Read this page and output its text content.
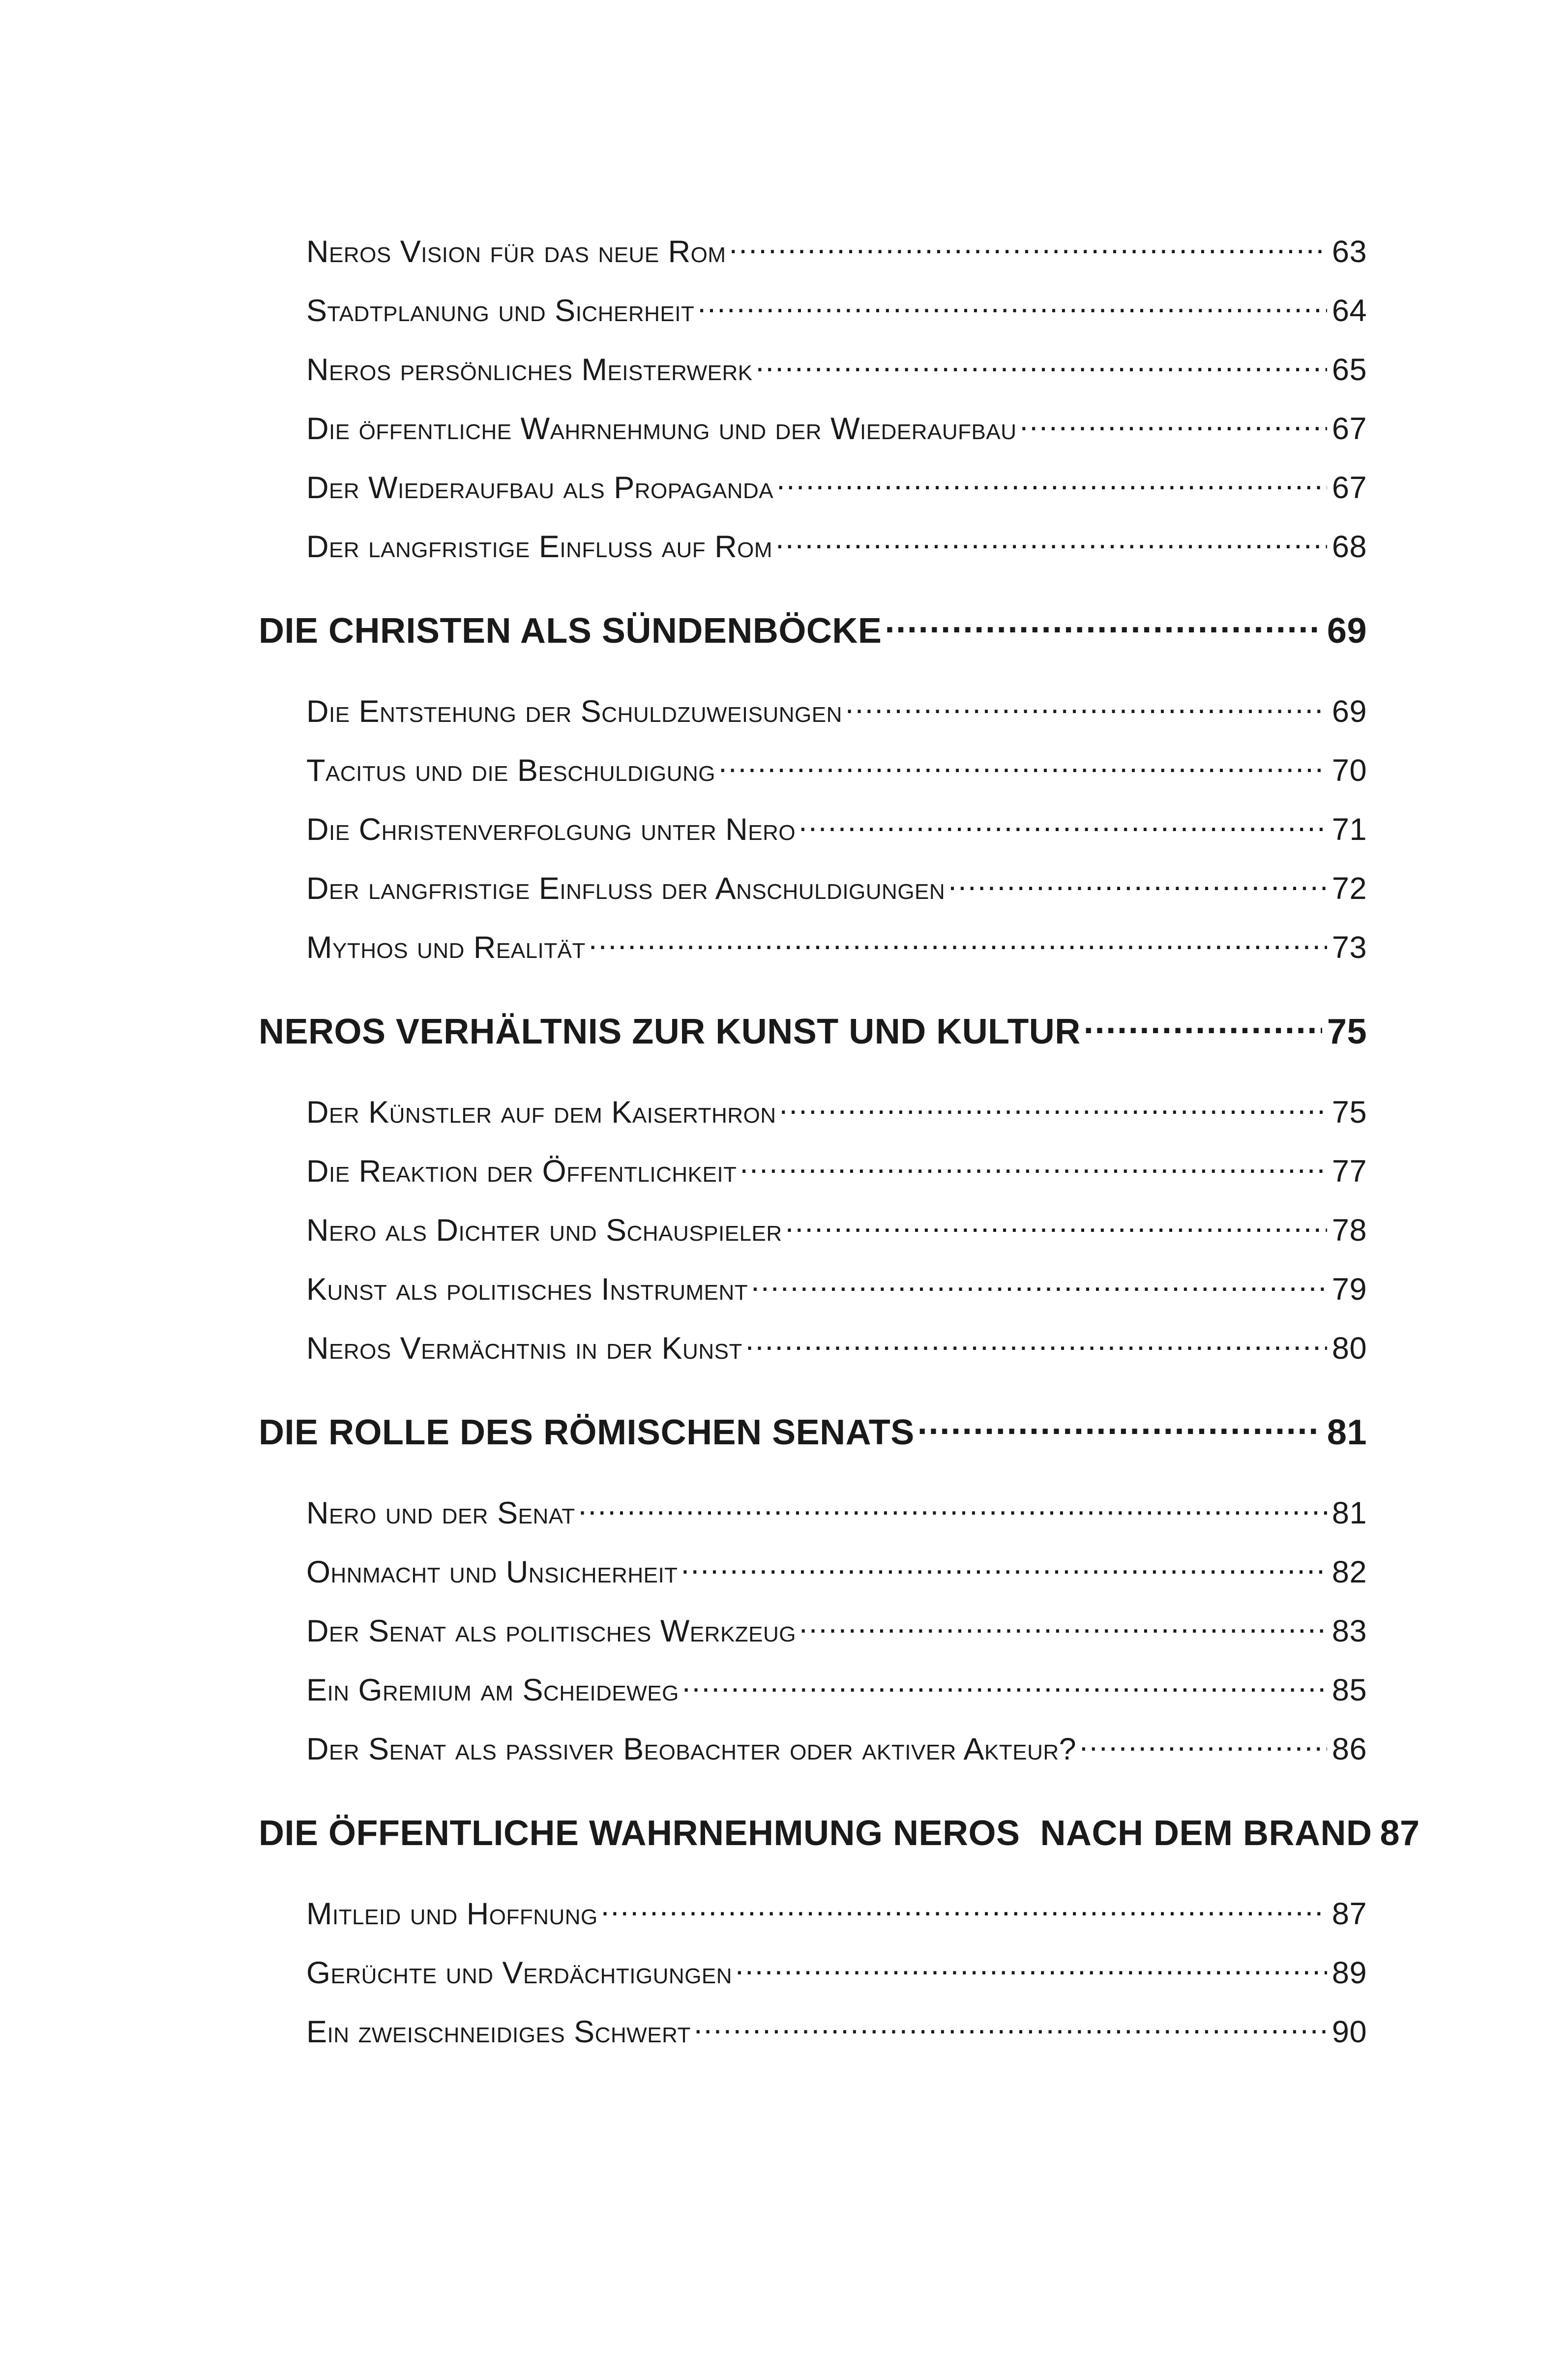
Neros Vision für das neue Rom . . .	63
Stadtplanung und Sicherheit . . .	64
Neros persönliches Meisterwerk . . .	65
Die öffentliche Wahrnehmung und der Wiederaufbau . . .	67
Der Wiederaufbau als Propaganda . . .	67
Der langfristige Einfluss auf Rom . . .	68
DIE CHRISTEN ALS SÜNDENBÖCKE . . .	69
Die Entstehung der Schuldzuweisungen . . .	69
Tacitus und die Beschuldigung . . .	70
Die Christenverfolgung unter Nero . . .	71
Der langfristige Einfluss der Anschuldigungen . . .	72
Mythos und Realität . . .	73
NEROS VERHÄLTNIS ZUR KUNST UND KULTUR . . .	75
Der Künstler auf dem Kaiserthron . . .	75
Die Reaktion der Öffentlichkeit . . .	77
Nero als Dichter und Schauspieler . . .	78
Kunst als politisches Instrument . . .	79
Neros Vermächtnis in der Kunst . . .	80
DIE ROLLE DES RÖMISCHEN SENATS . . .	81
Nero und der Senat . . .	81
Ohnmacht und Unsicherheit . . .	82
Der Senat als politisches Werkzeug . . .	83
Ein Gremium am Scheideweg . . .	85
Der Senat als passiver Beobachter oder aktiver Akteur? . . .	86
DIE ÖFFENTLICHE WAHRNEHMUNG NEROS  NACH DEM BRAND 87
Mitleid und Hoffnung . . .	87
Gerüchte und Verdächtigungen . . .	89
Ein zweischneidiges Schwert . . .	90
